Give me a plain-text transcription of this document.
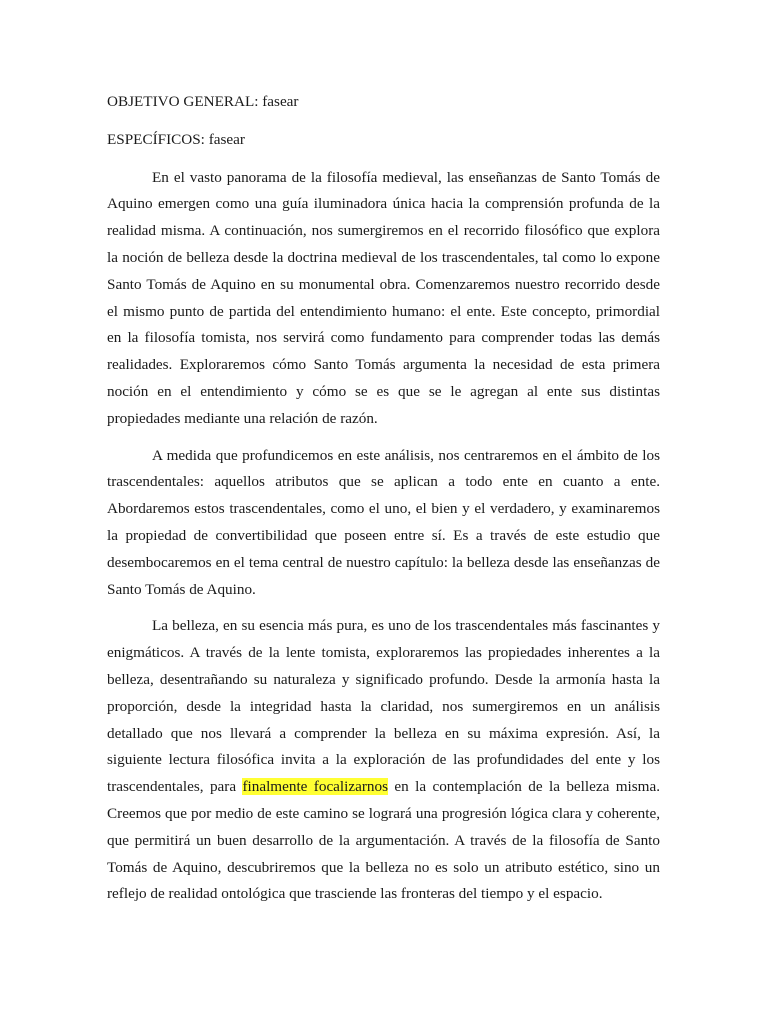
OBJETIVO GENERAL: fasear

ESPECÍFICOS: fasear

En el vasto panorama de la filosofía medieval, las enseñanzas de Santo Tomás de Aquino emergen como una guía iluminadora única hacia la comprensión profunda de la realidad misma. A continuación, nos sumergiremos en el recorrido filosófico que explora la noción de belleza desde la doctrina medieval de los trascendentales, tal como lo expone Santo Tomás de Aquino en su monumental obra. Comenzaremos nuestro recorrido desde el mismo punto de partida del entendimiento humano: el ente. Este concepto, primordial en la filosofía tomista, nos servirá como fundamento para comprender todas las demás realidades. Exploraremos cómo Santo Tomás argumenta la necesidad de esta primera noción en el entendimiento y cómo se es que se le agregan al ente sus distintas propiedades mediante una relación de razón.

A medida que profundicemos en este análisis, nos centraremos en el ámbito de los trascendentales: aquellos atributos que se aplican a todo ente en cuanto a ente. Abordaremos estos trascendentales, como el uno, el bien y el verdadero, y examinaremos la propiedad de convertibilidad que poseen entre sí. Es a través de este estudio que desembocaremos en el tema central de nuestro capítulo: la belleza desde las enseñanzas de Santo Tomás de Aquino.

La belleza, en su esencia más pura, es uno de los trascendentales más fascinantes y enigmáticos. A través de la lente tomista, exploraremos las propiedades inherentes a la belleza, desentrañando su naturaleza y significado profundo. Desde la armonía hasta la proporción, desde la integridad hasta la claridad, nos sumergiremos en un análisis detallado que nos llevará a comprender la belleza en su máxima expresión. Así, la siguiente lectura filosófica invita a la exploración de las profundidades del ente y los trascendentales, para finalmente focalizarnos en la contemplación de la belleza misma. Creemos que por medio de este camino se logrará una progresión lógica clara y coherente, que permitirá un buen desarrollo de la argumentación. A través de la filosofía de Santo Tomás de Aquino, descubriremos que la belleza no es solo un atributo estético, sino un reflejo de realidad ontológica que trasciende las fronteras del tiempo y el espacio.
